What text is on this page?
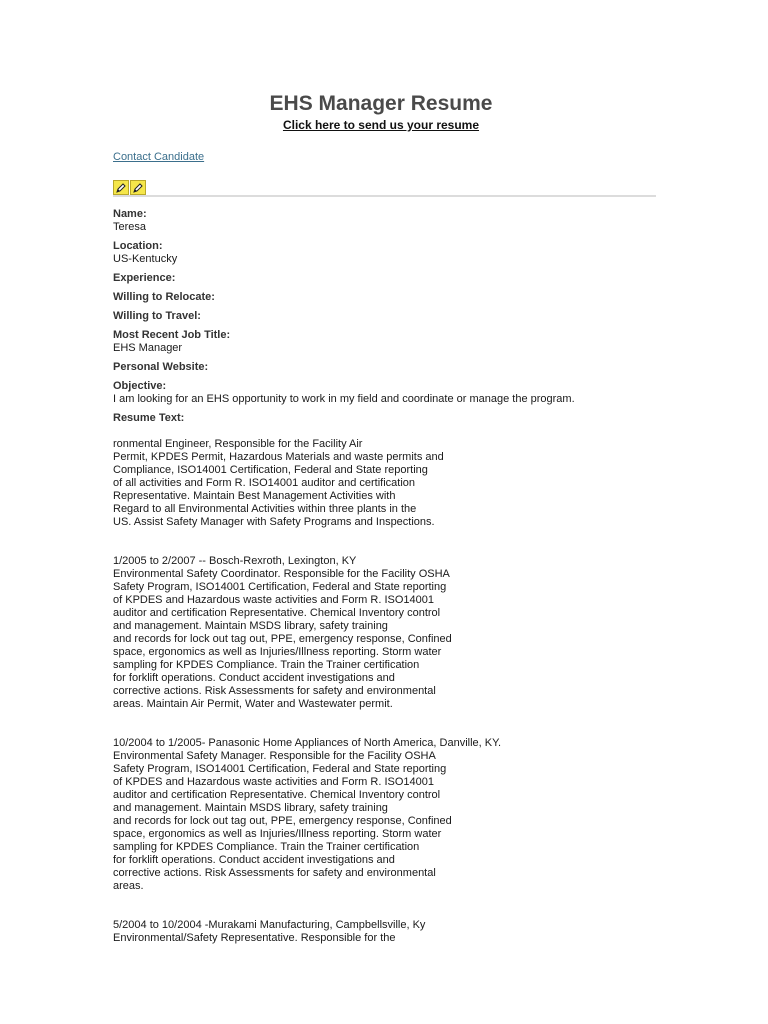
EHS Manager Resume
Click here to send us your resume
Contact Candidate
Name:
Teresa
Location:
US-Kentucky
Experience:
Willing to Relocate:
Willing to Travel:
Most Recent Job Title:
EHS Manager
Personal Website:
Objective:
I am looking for an EHS opportunity to work in my field and coordinate or manage the program.
Resume Text:

ronmental Engineer, Responsible for the Facility Air
Permit, KPDES Permit, Hazardous Materials and waste permits and
Compliance, ISO14001 Certification, Federal and State reporting
of all activities and Form R. ISO14001 auditor and certification
Representative. Maintain Best Management Activities with
Regard to all Environmental Activities within three plants in the
US. Assist Safety Manager with Safety Programs and Inspections.

1/2005 to 2/2007 -- Bosch-Rexroth, Lexington, KY
Environmental Safety Coordinator. Responsible for the Facility OSHA
Safety Program, ISO14001 Certification, Federal and State reporting
of KPDES and Hazardous waste activities and Form R. ISO14001
auditor and certification Representative. Chemical Inventory control
and management. Maintain MSDS library, safety training
and records for lock out tag out, PPE, emergency response, Confined
space, ergonomics as well as Injuries/Illness reporting. Storm water
sampling for KPDES Compliance. Train the Trainer certification
for forklift operations. Conduct accident investigations and
corrective actions. Risk Assessments for safety and environmental
areas. Maintain Air Permit, Water and Wastewater permit.

10/2004 to 1/2005- Panasonic Home Appliances of North America, Danville, KY.
Environmental Safety Manager. Responsible for the Facility OSHA
Safety Program, ISO14001 Certification, Federal and State reporting
of KPDES and Hazardous waste activities and Form R. ISO14001
auditor and certification Representative. Chemical Inventory control
and management. Maintain MSDS library, safety training
and records for lock out tag out, PPE, emergency response, Confined
space, ergonomics as well as Injuries/Illness reporting. Storm water
sampling for KPDES Compliance. Train the Trainer certification
for forklift operations. Conduct accident investigations and
corrective actions. Risk Assessments for safety and environmental
areas.

5/2004 to 10/2004 -Murakami Manufacturing, Campbellsville, Ky
Environmental/Safety Representative. Responsible for the
